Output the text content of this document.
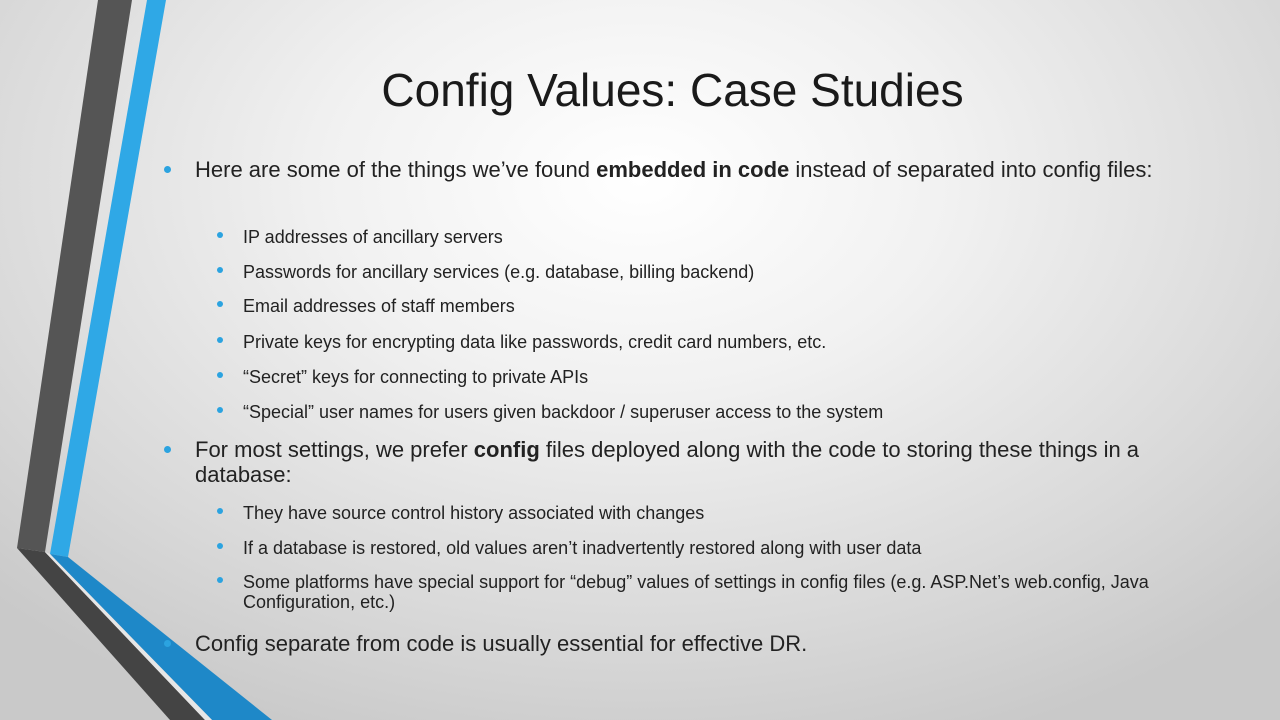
Config Values: Case Studies
Here are some of the things we’ve found embedded in code instead of separated into config files:
IP addresses of ancillary servers
Passwords for ancillary services (e.g. database, billing backend)
Email addresses of staff members
Private keys for encrypting data like passwords, credit card numbers, etc.
“Secret” keys for connecting to private APIs
“Special” user names for users given backdoor / superuser access to the system
For most settings, we prefer config files deployed along with the code to storing these things in a database:
They have source control history associated with changes
If a database is restored, old values aren’t inadvertently restored along with user data
Some platforms have special support for “debug” values of settings in config files (e.g. ASP.Net’s web.config, Java Configuration, etc.)
Config separate from code is usually essential for effective DR.
